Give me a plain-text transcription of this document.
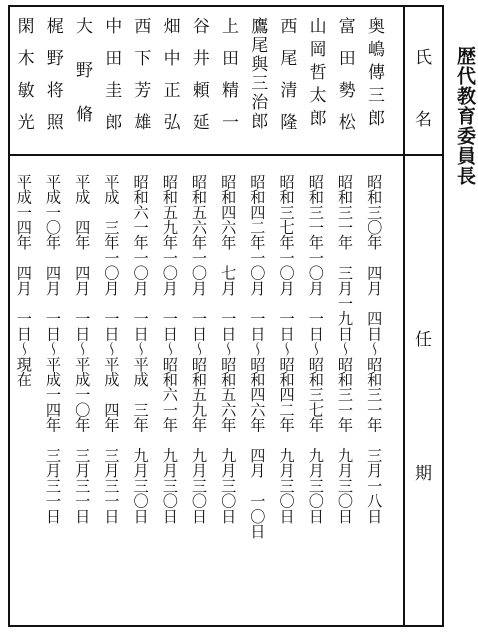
歴代教育委員長
氏
名
任
期
奥嶋傳三郎
昭和三〇年　四月　四日～昭和三一年　三月一八日
富田勢松
昭和三一年　三月一九日～昭和三一年　九月三〇日
山岡哲太郎
昭和三一年一〇月　一日～昭和三七年　九月三〇日
西尾清隆
昭和三七年一〇月　一日～昭和四二年　九月三〇日
鷹尾與三治郎
昭和四二年一〇月　一日～昭和四六年　四月　一〇日
上田精一
昭和四六年　七月　一日～昭和五六年　九月三〇日
谷井頼延
昭和五六年一〇月　一日～昭和五九年　九月三〇日
畑中正弘
昭和五九年一〇月　一日～昭和六一年　九月三〇日
西下芳雄
昭和六一年一〇月　一日～平成　三年　九月三〇日
中田圭郎
平成　三年一〇月　一日～平成　四年　三月三一日
大野脩
平成　四年　四月　一日～平成一〇年　三月三一日
梶野将照
平成一〇年　四月　一日～平成一四年　三月三一日
閑木敏光
平成一四年　四月　一日～現在
